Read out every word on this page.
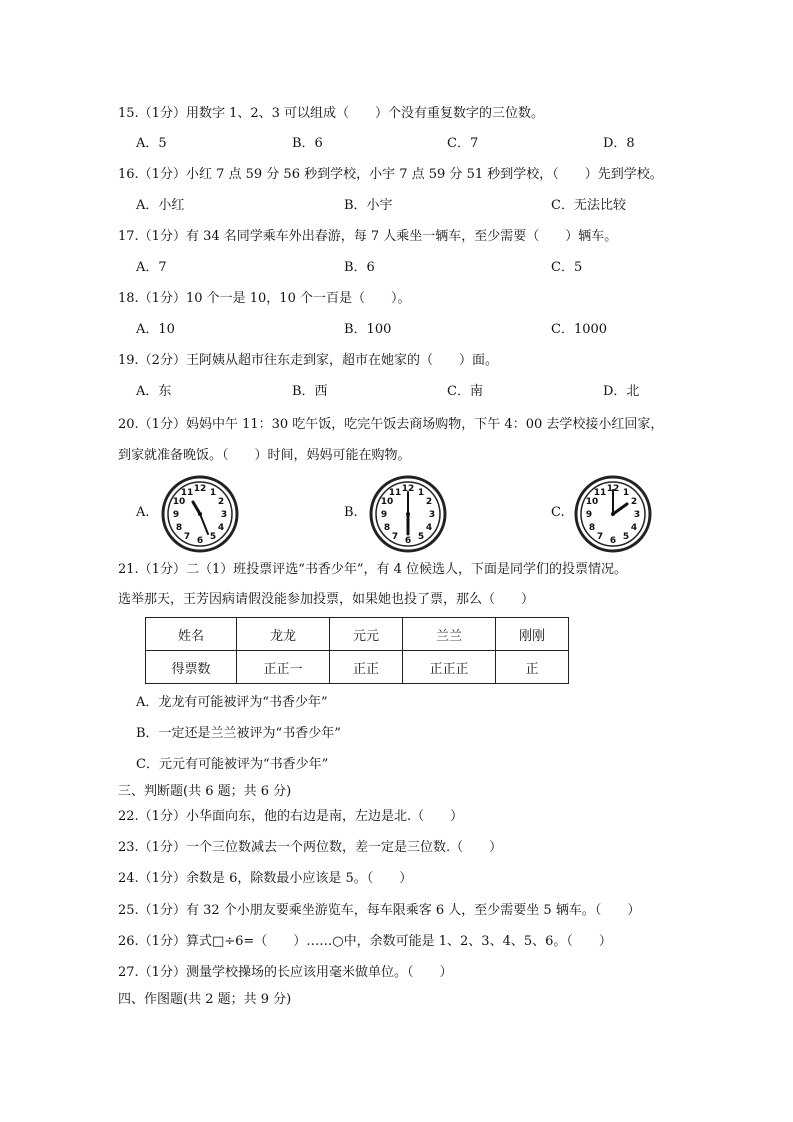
15.（1分）用数字 1、2、3 可以组成（　　）个没有重复数字的三位数。
A．5	B．6	C．7	D．8
16.（1分）小红 7 点 59 分 56 秒到学校，小宇 7 点 59 分 51 秒到学校，（　　）先到学校。
A．小红	B．小宇	C．无法比较
17.（1分）有 34 名同学乘车外出春游，每 7 人乘坐一辆车，至少需要（　　）辆车。
A．7	B．6	C．5
18.（1分）10 个一是 10，10 个一百是（　　）。
A．10	B．100	C．1000
19.（2分）王阿姨从超市往东走到家，超市在她家的（　　）面。
A．东	B．西	C．南	D．北
20.（1分）妈妈中午 11：30 吃午饭，吃完午饭去商场购物，下午 4：00 去学校接小红回家，
到家就准备晚饭。（　　）时间，妈妈可能在购物。
A.
12 1
2
3
4
5
6
7
8
9
10
11
B.
12 1
2
3
4
5
6
7
8
9
10
11
C.
12 1
2
3
4
5
6
7
8
9
10
11
21.（1分）二（1）班投票评选“书香少年”，有 4 位候选人，下面是同学们的投票情况。
选举那天，王芳因病请假没能参加投票，如果她也投了票，那么（　　）
姓名	龙龙	元元	兰兰	刚刚
得票数	正正一	正正	正正正	正
A．龙龙有可能被评为“书香少年”
B．一定还是兰兰被评为“书香少年”
C．元元有可能被评为“书香少年”
三、判断题(共 6 题；共 6 分)
22.（1分）小华面向东，他的右边是南，左边是北.（　　）
23.（1分）一个三位数减去一个两位数，差一定是三位数.（　　）
24.（1分）余数是 6，除数最小应该是 5。（　　）
25.（1分）有 32 个小朋友要乘坐游览车，每车限乘客 6 人，至少需要坐 5 辆车。（　　）
26.（1分）算式□÷6=（　　）……○中，余数可能是 1、2、3、4、5、6。（　　）
27.（1分）测量学校操场的长应该用毫米做单位。（　　）
四、作图题(共 2 题；共 9 分)
